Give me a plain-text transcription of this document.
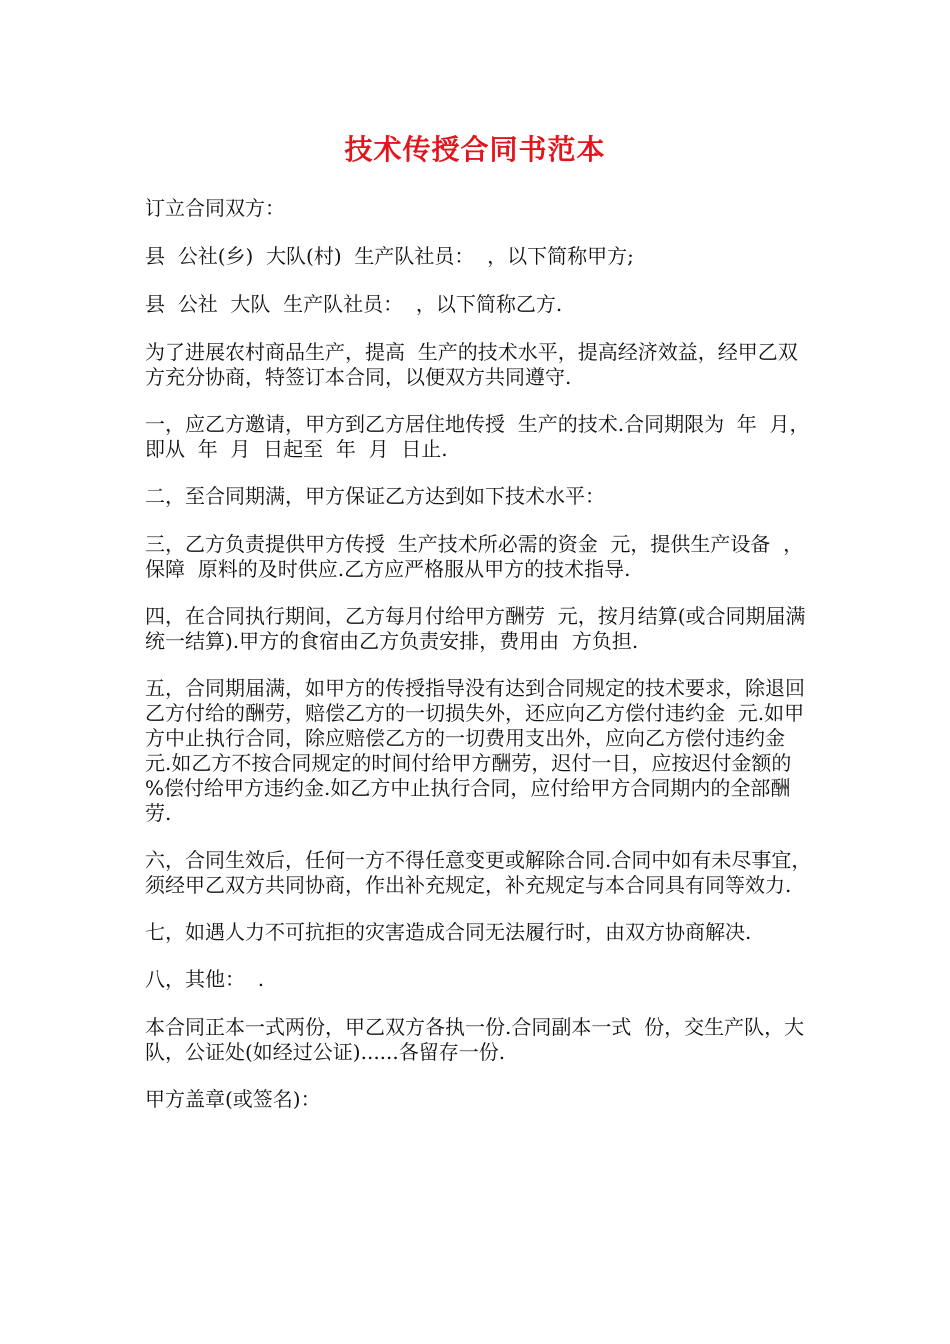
技术传授合同书范本

订立合同双方：

县  公社(乡)  大队(村)  生产队社员：  ，以下简称甲方;

县  公社  大队  生产队社员：  ，以下简称乙方.

为了进展农村商品生产，提高  生产的技术水平，提高经济效益，经甲乙双方充分协商，特签订本合同，以便双方共同遵守.

一，应乙方邀请，甲方到乙方居住地传授  生产的技术.合同期限为  年  月，即从  年  月  日起至  年  月  日止.

二，至合同期满，甲方保证乙方达到如下技术水平：

三，乙方负责提供甲方传授  生产技术所必需的资金  元，提供生产设备  ，保障  原料的及时供应.乙方应严格服从甲方的技术指导.

四，在合同执行期间，乙方每月付给甲方酬劳  元，按月结算(或合同期届满统一结算).甲方的食宿由乙方负责安排，费用由  方负担.

五，合同期届满，如甲方的传授指导没有达到合同规定的技术要求，除退回乙方付给的酬劳，赔偿乙方的一切损失外，还应向乙方偿付违约金  元.如甲方中止执行合同，除应赔偿乙方的一切费用支出外，应向乙方偿付违约金  元.如乙方不按合同规定的时间付给甲方酬劳，迟付一日，应按迟付金额的  %偿付给甲方违约金.如乙方中止执行合同，应付给甲方合同期内的全部酬劳.

六，合同生效后，任何一方不得任意变更或解除合同.合同中如有未尽事宜，须经甲乙双方共同协商，作出补充规定，补充规定与本合同具有同等效力.

七，如遇人力不可抗拒的灾害造成合同无法履行时，由双方协商解决.

八，其他：  .

本合同正本一式两份，甲乙双方各执一份.合同副本一式  份，交生产队，大队，公证处(如经过公证)......各留存一份.

甲方盖章(或签名)：
